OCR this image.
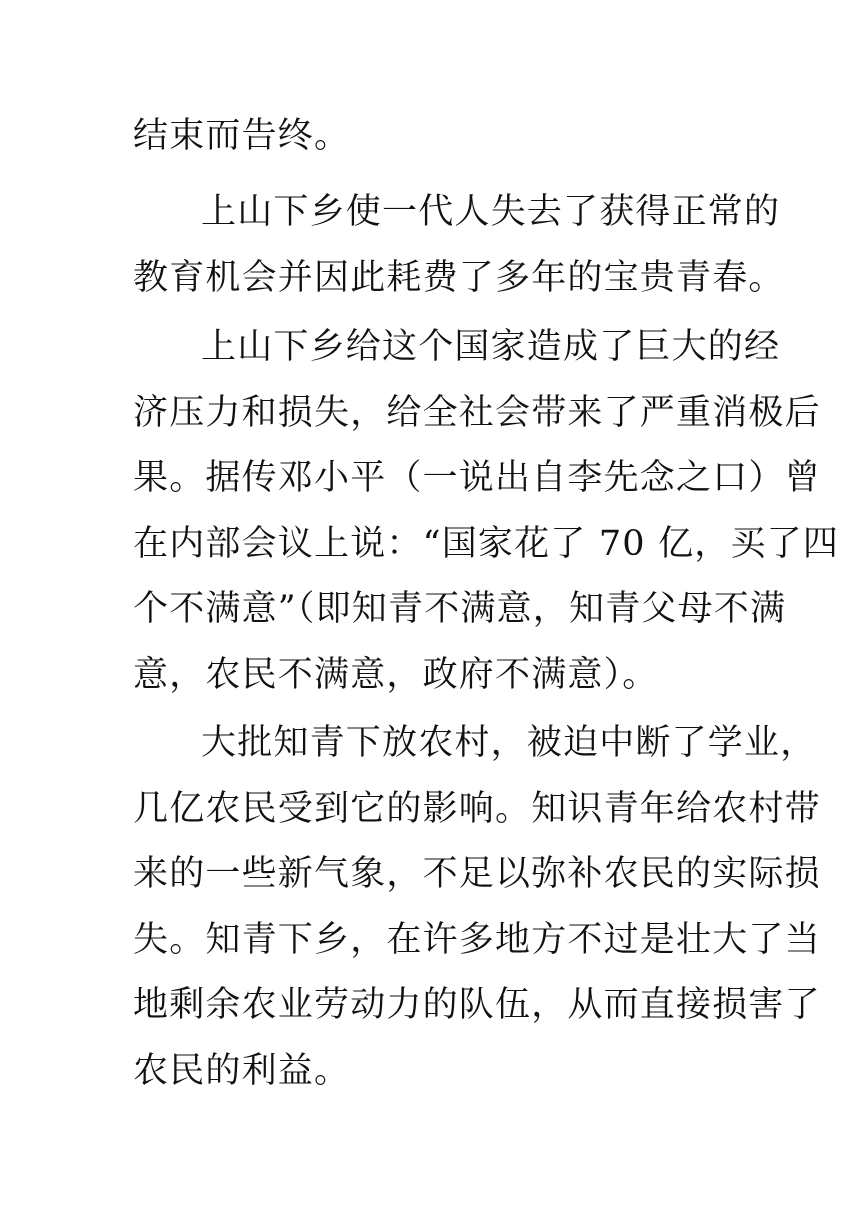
结束而告终。
上山下乡使一代人失去了获得正常的
教育机会并因此耗费了多年的宝贵青春。
上山下乡给这个国家造成了巨大的经
济压力和损失，给全社会带来了严重消极后
果。据传邓小平（一说出自李先念之口）曾
在内部会议上说：“国家花了 70 亿，买了四
个不满意”（即知青不满意，知青父母不满
意，农民不满意，政府不满意）。
大批知青下放农村，被迫中断了学业，
几亿农民受到它的影响。知识青年给农村带
来的一些新气象，不足以弥补农民的实际损
失。知青下乡，在许多地方不过是壮大了当
地剩余农业劳动力的队伍，从而直接损害了
农民的利益。
